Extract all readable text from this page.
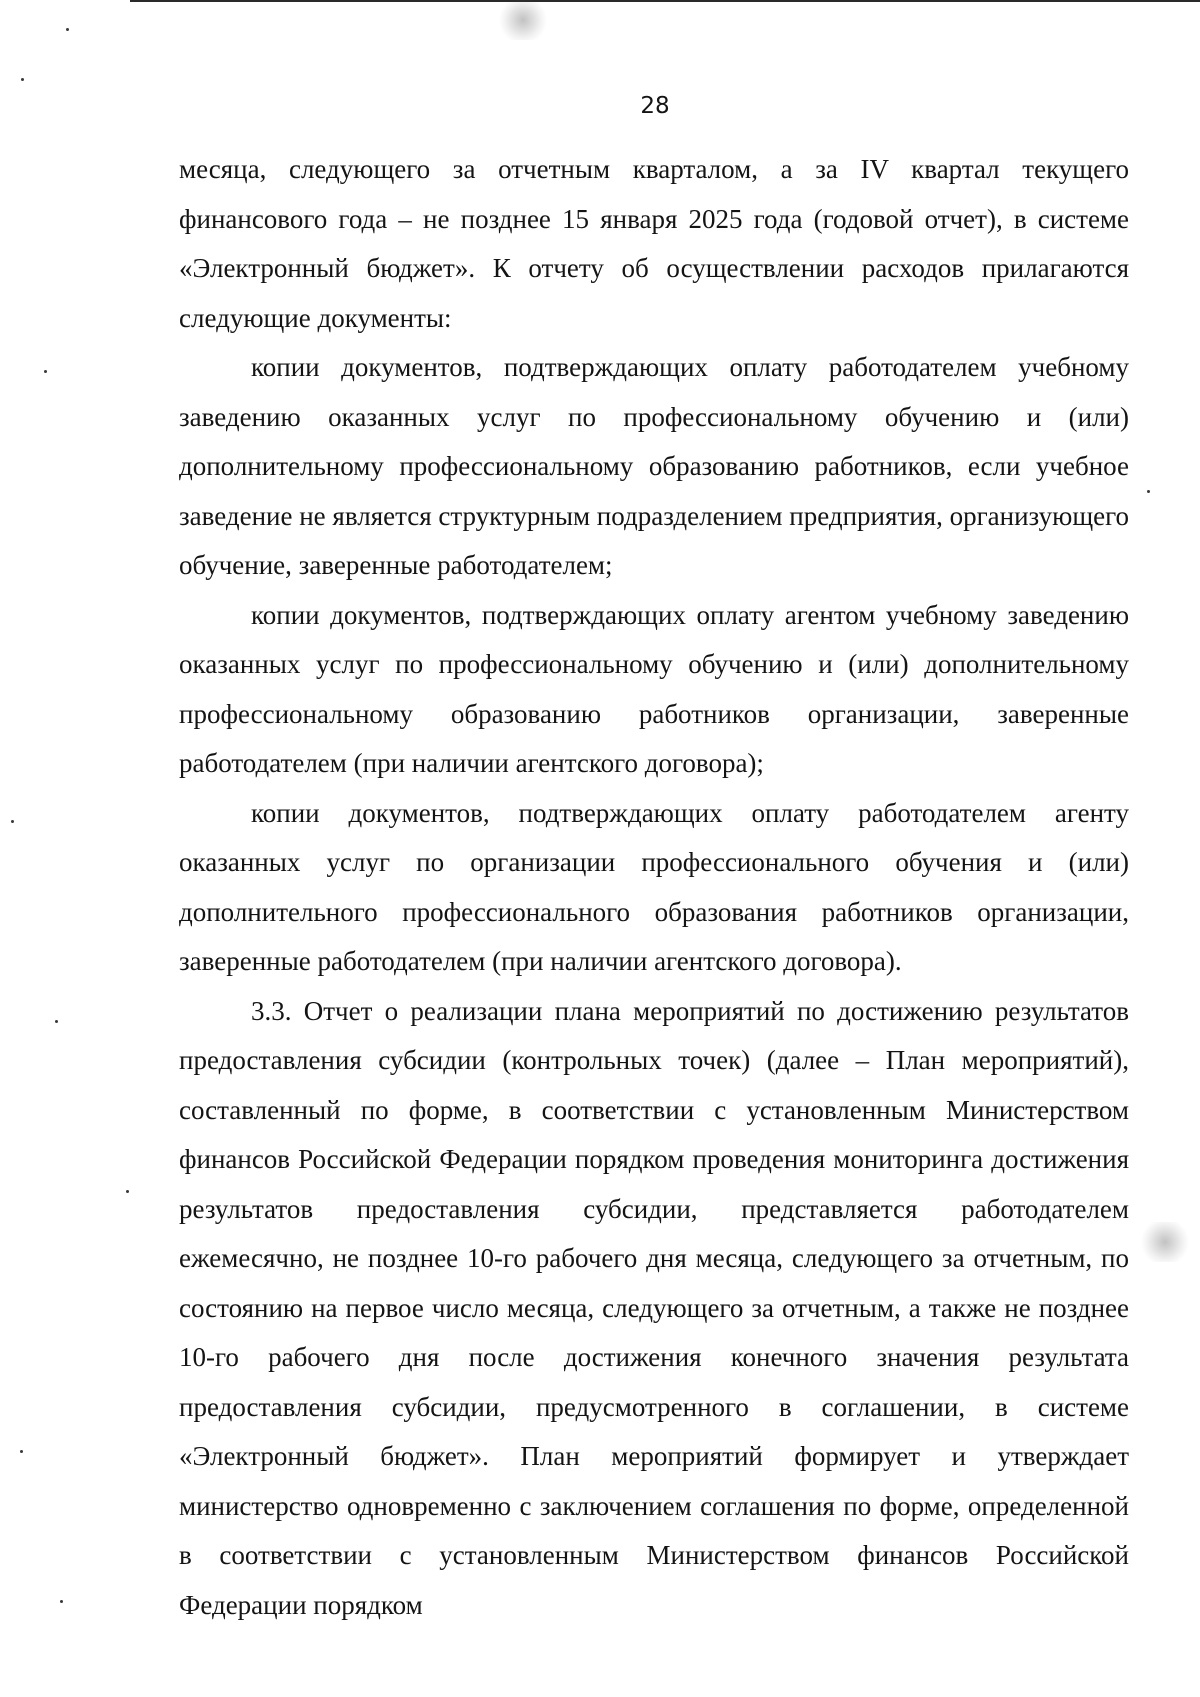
28

месяца, следующего за отчетным кварталом, а за IV квартал текущего финансового года – не позднее 15 января 2025 года (годовой отчет), в системе «Электронный бюджет». К отчету об осуществлении расходов прилагаются следующие документы:

копии документов, подтверждающих оплату работодателем учебному заведению оказанных услуг по профессиональному обучению и (или) дополнительному профессиональному образованию работников, если учебное заведение не является структурным подразделением предприятия, организующего обучение, заверенные работодателем;

копии документов, подтверждающих оплату агентом учебному заведению оказанных услуг по профессиональному обучению и (или) дополнительному профессиональному образованию работников организации, заверенные работодателем (при наличии агентского договора);

копии документов, подтверждающих оплату работодателем агенту оказанных услуг по организации профессионального обучения и (или) дополнительного профессионального образования работников организации, заверенные работодателем (при наличии агентского договора).

3.3. Отчет о реализации плана мероприятий по достижению результатов предоставления субсидии (контрольных точек) (далее – План мероприятий), составленный по форме, в соответствии с установленным Министерством финансов Российской Федерации порядком проведения мониторинга достижения результатов предоставления субсидии, представляется работодателем ежемесячно, не позднее 10-го рабочего дня месяца, следующего за отчетным, по состоянию на первое число месяца, следующего за отчетным, а также не позднее 10-го рабочего дня после достижения конечного значения результата предоставления субсидии, предусмотренного в соглашении, в системе «Электронный бюджет». План мероприятий формирует и утверждает министерство одновременно с заключением соглашения по форме, определенной в соответствии с установленным Министерством финансов Российской Федерации порядком
